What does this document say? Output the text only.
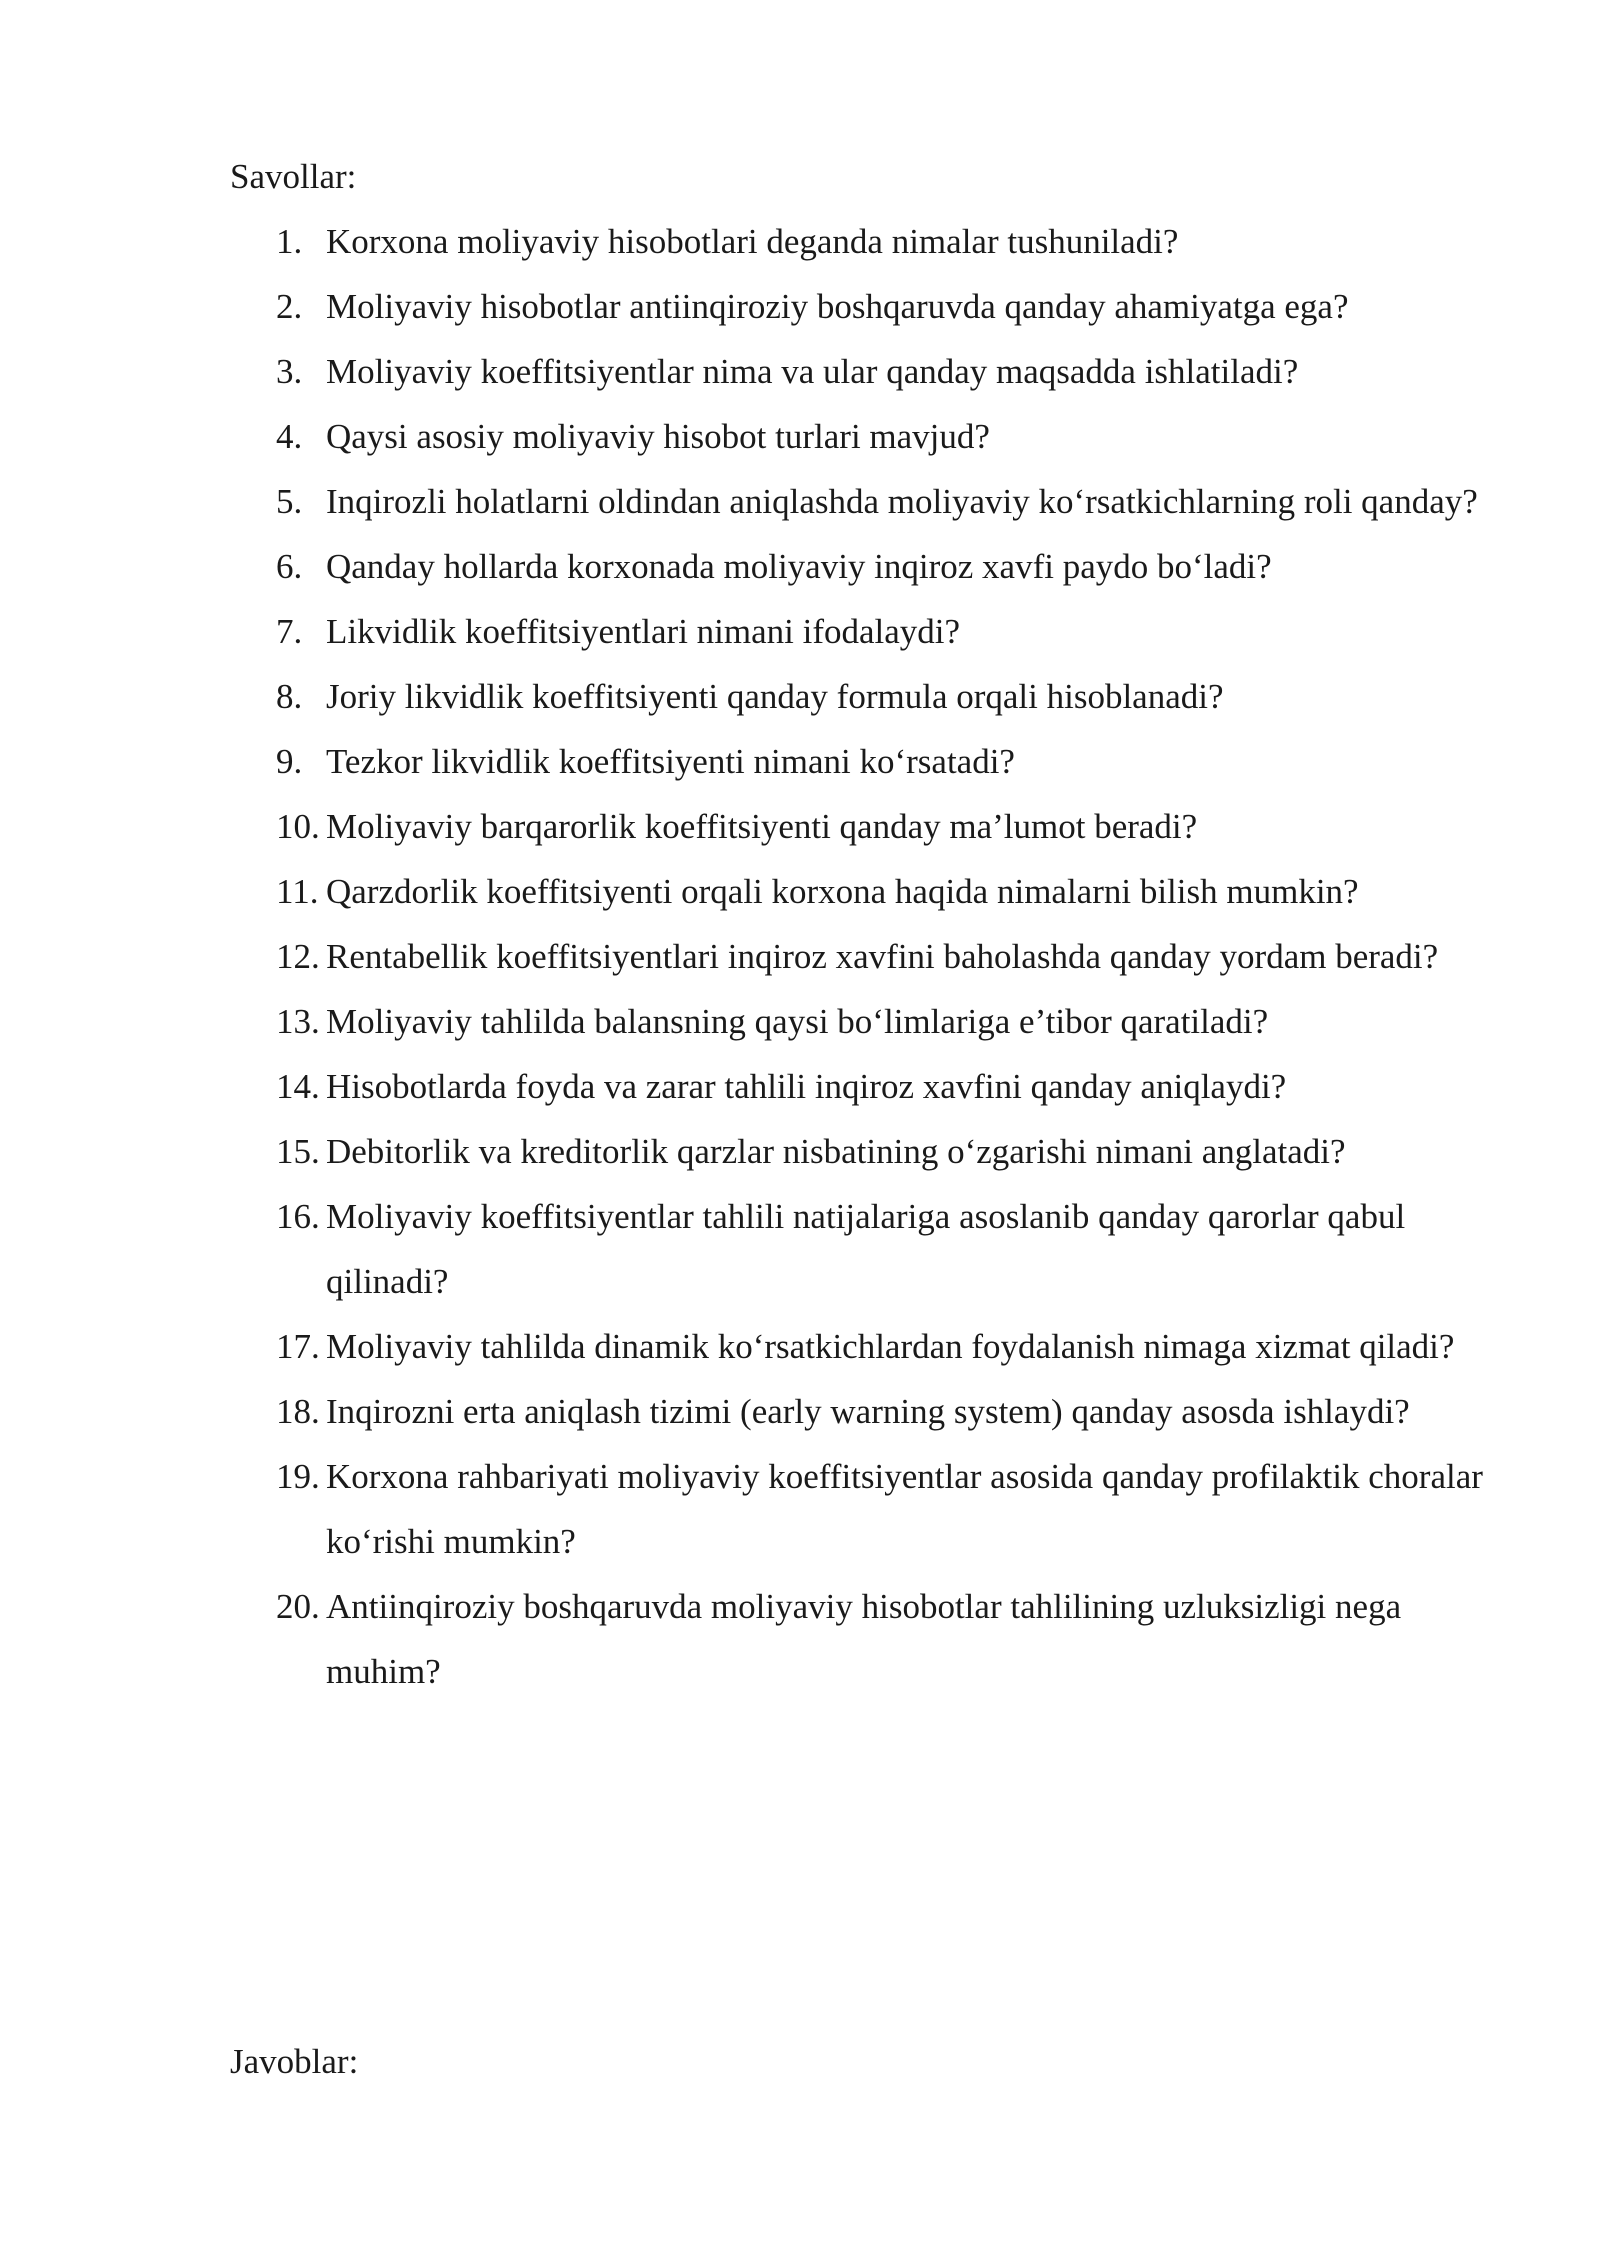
Savollar:
1. Korxona moliyaviy hisobotlari deganda nimalar tushuniladi?
2. Moliyaviy hisobotlar antiinqiroziy boshqaruvda qanday ahamiyatga ega?
3. Moliyaviy koeffitsiyentlar nima va ular qanday maqsadda ishlatiladi?
4. Qaysi asosiy moliyaviy hisobot turlari mavjud?
5. Inqirozli holatlarni oldindan aniqlashda moliyaviy ko‘rsatkichlarning roli qanday?
6. Qanday hollarda korxonada moliyaviy inqiroz xavfi paydo bo‘ladi?
7. Likvidlik koeffitsiyentlari nimani ifodalaydi?
8. Joriy likvidlik koeffitsiyenti qanday formula orqali hisoblanadi?
9. Tezkor likvidlik koeffitsiyenti nimani ko‘rsatadi?
10. Moliyaviy barqarorlik koeffitsiyenti qanday ma’lumot beradi?
11. Qarzdorlik koeffitsiyenti orqali korxona haqida nimalarni bilish mumkin?
12. Rentabellik koeffitsiyentlari inqiroz xavfini baholashda qanday yordam beradi?
13. Moliyaviy tahlilda balansning qaysi bo‘limlariga e’tibor qaratiladi?
14. Hisobotlarda foyda va zarar tahlili inqiroz xavfini qanday aniqlaydi?
15. Debitorlik va kreditorlik qarzlar nisbatining o‘zgarishi nimani anglatadi?
16. Moliyaviy koeffitsiyentlar tahlili natijalariga asoslanib qanday qarorlar qabul qilinadi?
17. Moliyaviy tahlilda dinamik ko‘rsatkichlardan foydalanish nimaga xizmat qiladi?
18. Inqirozni erta aniqlash tizimi (early warning system) qanday asosda ishlaydi?
19. Korxona rahbariyati moliyaviy koeffitsiyentlar asosida qanday profilaktik choralar ko‘rishi mumkin?
20. Antiinqiroziy boshqaruvda moliyaviy hisobotlar tahlilining uzluksizligi nega muhim?
Javoblar:
